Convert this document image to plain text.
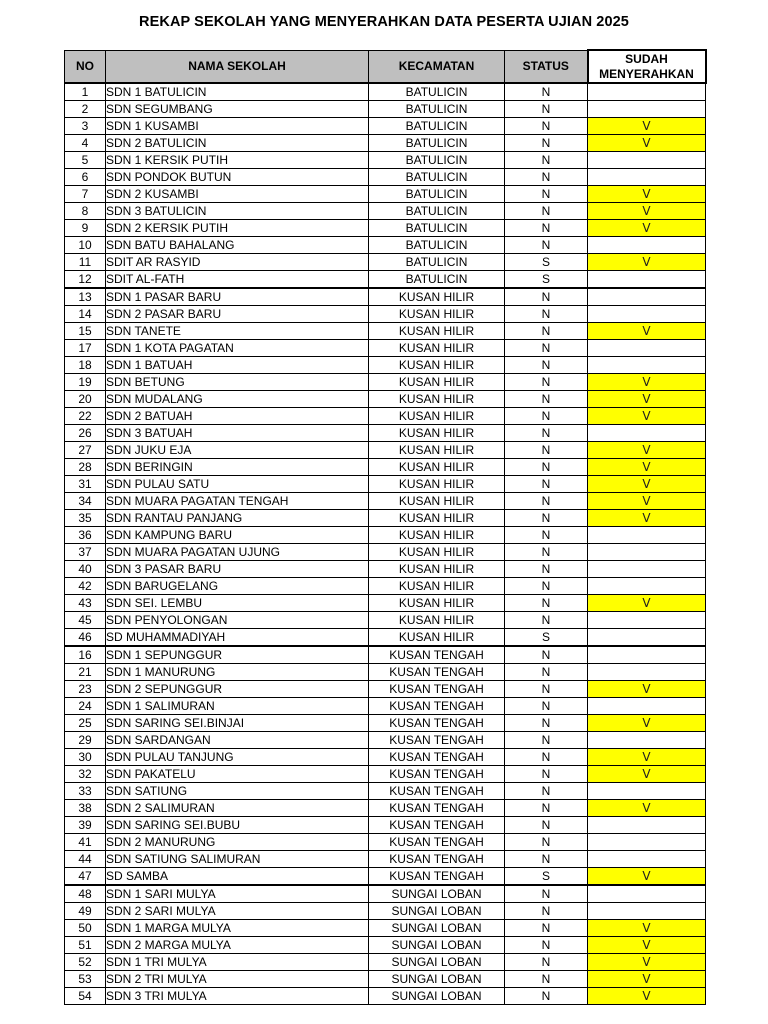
REKAP SEKOLAH YANG MENYERAHKAN DATA PESERTA UJIAN 2025
NO	NAMA SEKOLAH	KECAMATAN	STATUS	SUDAH
MENYERAHKAN

1	SDN 1 BATULICIN	BATULICIN	N	
2	SDN SEGUMBANG	BATULICIN	N	
3	SDN 1 KUSAMBI	BATULICIN	N	V
4	SDN 2 BATULICIN	BATULICIN	N	V
5	SDN 1 KERSIK PUTIH	BATULICIN	N	
6	SDN PONDOK BUTUN	BATULICIN	N	
7	SDN 2 KUSAMBI	BATULICIN	N	V
8	SDN 3 BATULICIN	BATULICIN	N	V
9	SDN 2 KERSIK PUTIH	BATULICIN	N	V
10	SDN BATU BAHALANG	BATULICIN	N	
11	SDIT AR RASYID	BATULICIN	S	V
12	SDIT AL-FATH	BATULICIN	S	
13	SDN 1 PASAR BARU	KUSAN HILIR	N	
14	SDN 2 PASAR BARU	KUSAN HILIR	N	
15	SDN TANETE	KUSAN HILIR	N	V
17	SDN 1 KOTA PAGATAN	KUSAN HILIR	N	
18	SDN 1 BATUAH	KUSAN HILIR	N	
19	SDN BETUNG	KUSAN HILIR	N	V
20	SDN MUDALANG	KUSAN HILIR	N	V
22	SDN 2 BATUAH	KUSAN HILIR	N	V
26	SDN 3 BATUAH	KUSAN HILIR	N	
27	SDN JUKU EJA	KUSAN HILIR	N	V
28	SDN BERINGIN	KUSAN HILIR	N	V
31	SDN PULAU SATU	KUSAN HILIR	N	V
34	SDN MUARA PAGATAN TENGAH	KUSAN HILIR	N	V
35	SDN RANTAU PANJANG	KUSAN HILIR	N	V
36	SDN KAMPUNG BARU	KUSAN HILIR	N	
37	SDN MUARA PAGATAN UJUNG	KUSAN HILIR	N	
40	SDN 3 PASAR BARU	KUSAN HILIR	N	
42	SDN BARUGELANG	KUSAN HILIR	N	
43	SDN SEI. LEMBU	KUSAN HILIR	N	V
45	SDN PENYOLONGAN	KUSAN HILIR	N	
46	SD MUHAMMADIYAH	KUSAN HILIR	S	
16	SDN 1 SEPUNGGUR	KUSAN TENGAH	N	
21	SDN 1 MANURUNG	KUSAN TENGAH	N	
23	SDN 2 SEPUNGGUR	KUSAN TENGAH	N	V
24	SDN 1 SALIMURAN	KUSAN TENGAH	N	
25	SDN SARING SEI.BINJAI	KUSAN TENGAH	N	V
29	SDN SARDANGAN	KUSAN TENGAH	N	
30	SDN PULAU TANJUNG	KUSAN TENGAH	N	V
32	SDN PAKATELU	KUSAN TENGAH	N	V
33	SDN SATIUNG	KUSAN TENGAH	N	
38	SDN 2 SALIMURAN	KUSAN TENGAH	N	V
39	SDN SARING SEI.BUBU	KUSAN TENGAH	N	
41	SDN 2 MANURUNG	KUSAN TENGAH	N	
44	SDN SATIUNG SALIMURAN	KUSAN TENGAH	N	
47	SD SAMBA	KUSAN TENGAH	S	V
48	SDN 1 SARI MULYA	SUNGAI LOBAN	N	
49	SDN 2 SARI MULYA	SUNGAI LOBAN	N	
50	SDN 1 MARGA MULYA	SUNGAI LOBAN	N	V
51	SDN 2 MARGA MULYA	SUNGAI LOBAN	N	V
52	SDN 1 TRI MULYA	SUNGAI LOBAN	N	V
53	SDN 2 TRI MULYA	SUNGAI LOBAN	N	V
54	SDN 3 TRI MULYA	SUNGAI LOBAN	N	V
